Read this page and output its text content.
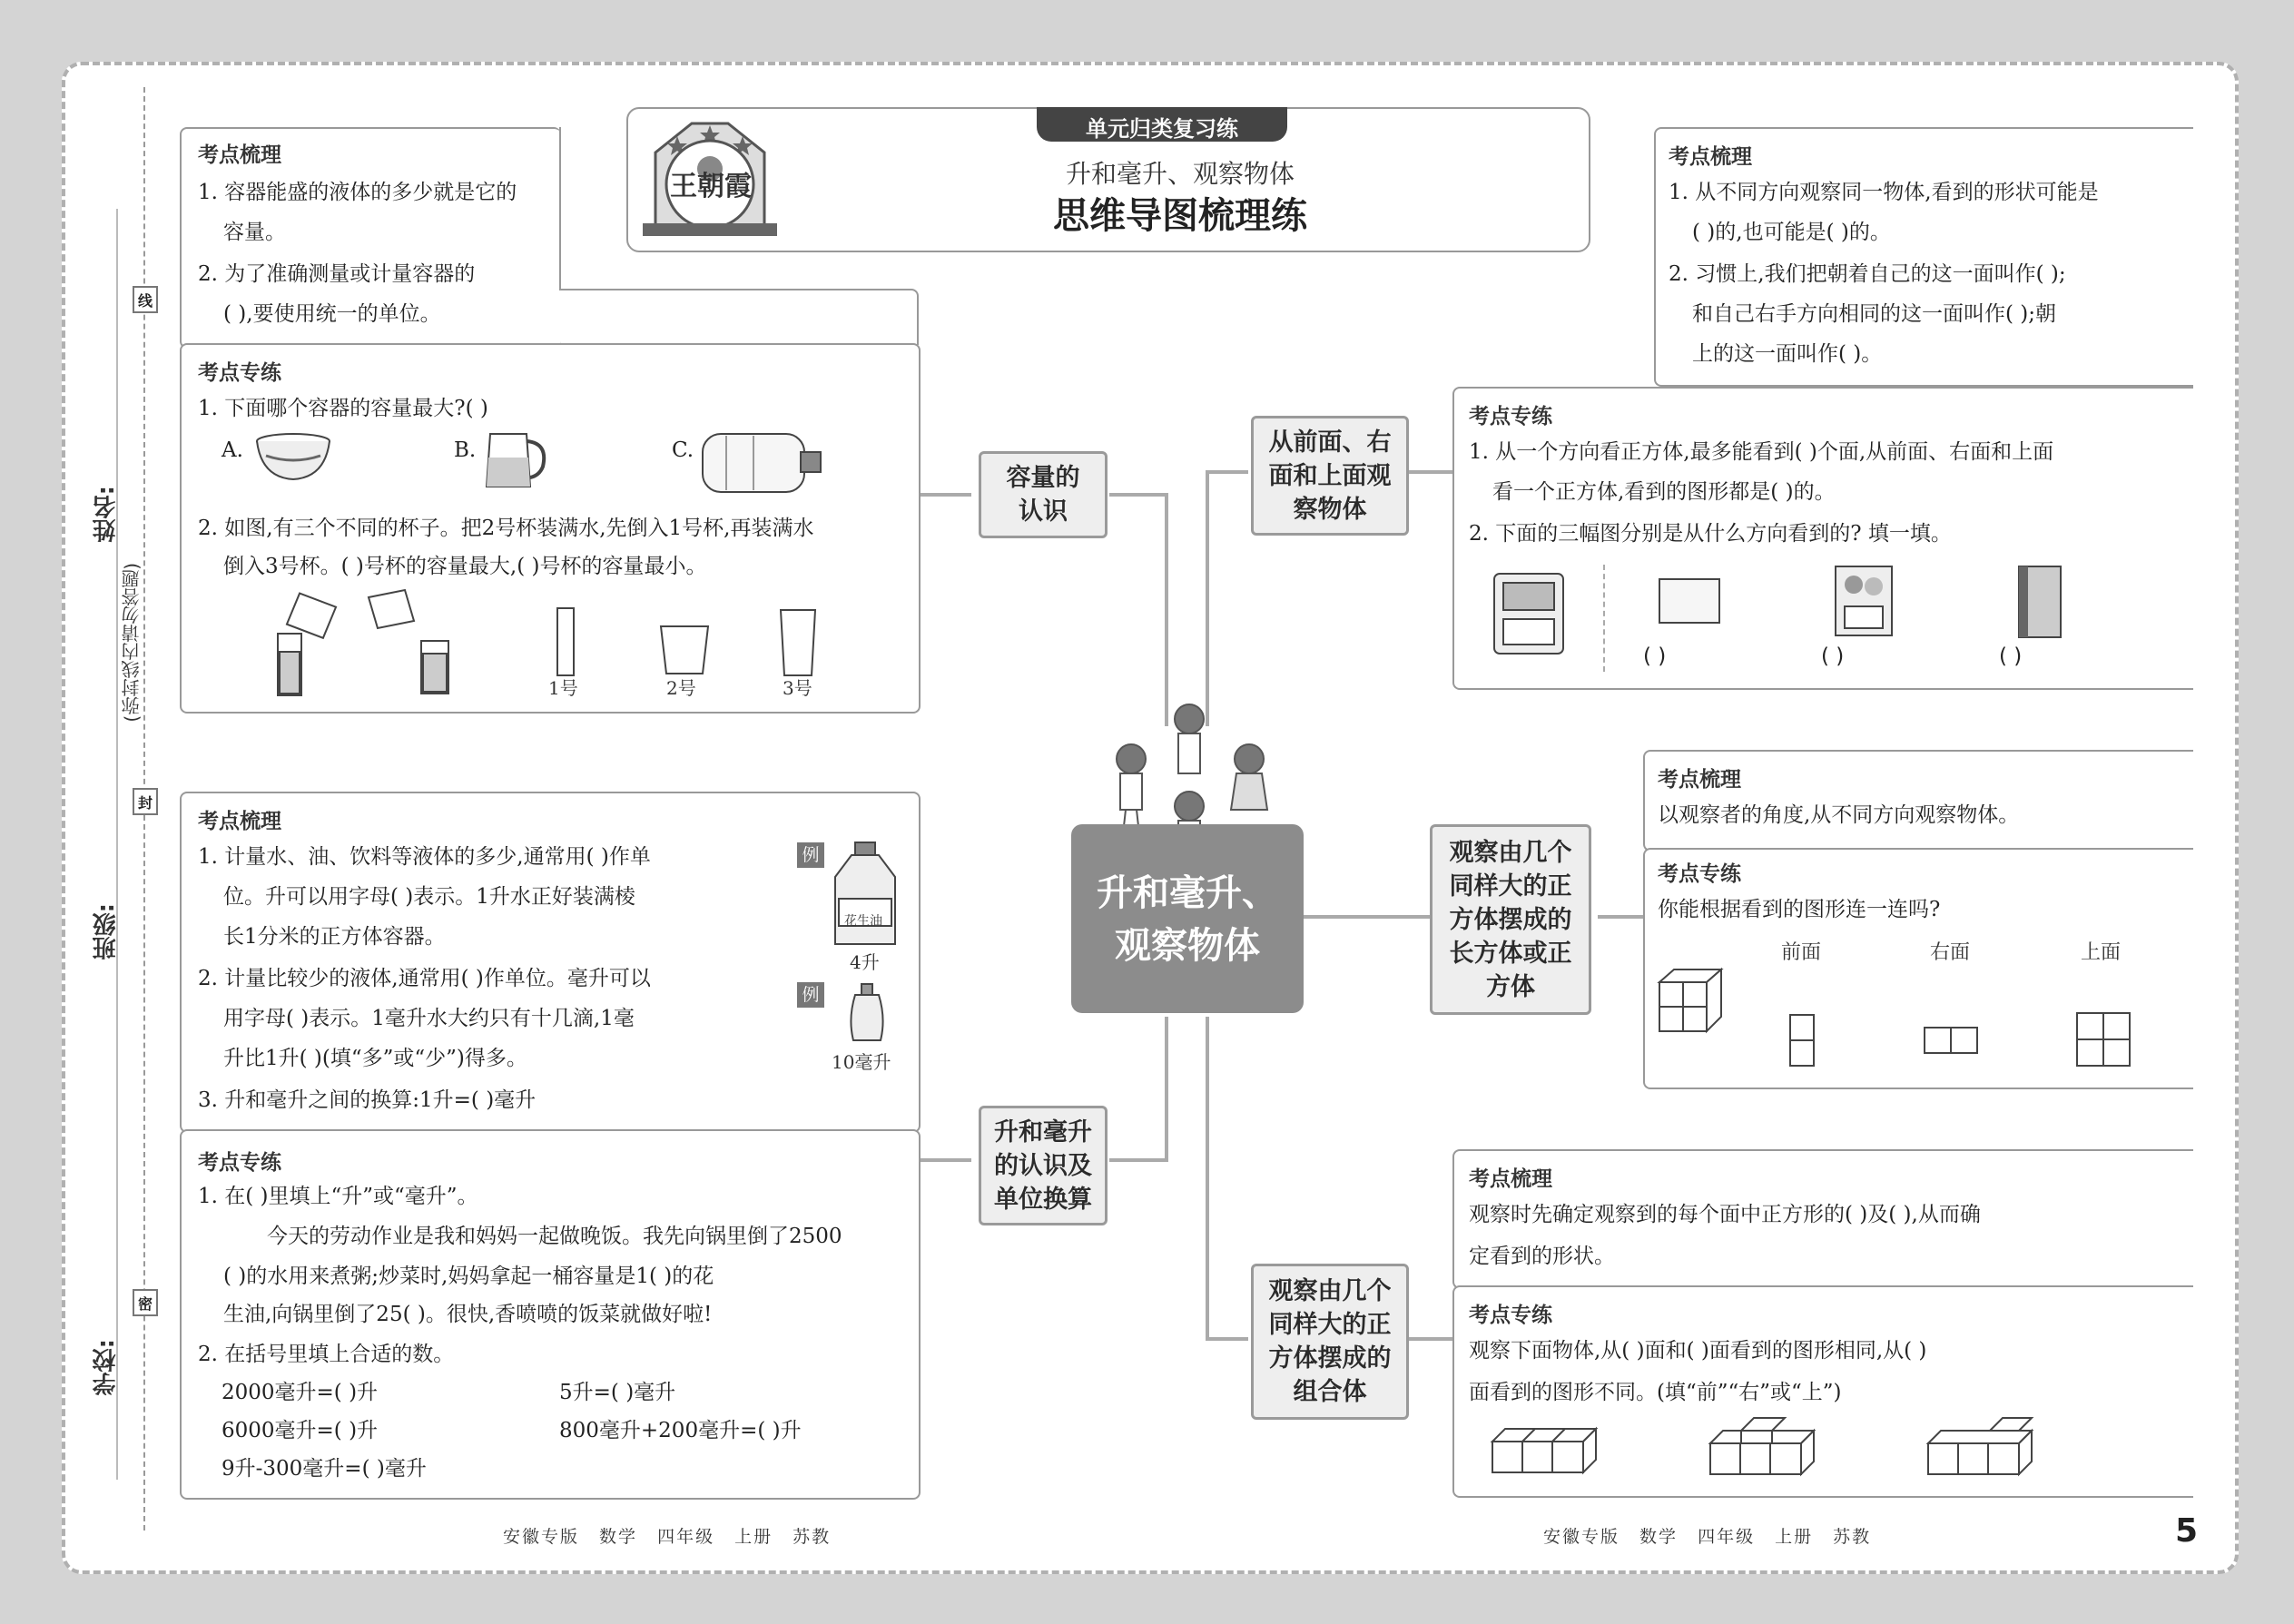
线
封
密
姓名:
班级:
学校:
(弥封线内请勿答题)
单元归类复习练
升和毫升、观察物体
思维导图梳理练
王朝霞
容量的认识
升和毫升的认识及单位换算
从前面、右面和上面观察物体
观察由几个同样大的正方体摆成的长方体或正方体
观察由几个同样大的正方体摆成的组合体
升和毫升、观察物体
考点梳理
1. 容器能盛的液体的多少就是它的
容量。
2. 为了准确测量或计量容器的
( ),要使用统一的单位。
考点专练
1. 下面哪个容器的容量最大?( )
A.	B.	C.
2. 如图,有三个不同的杯子。把2号杯装满水,先倒入1号杯,再装满水
倒入3号杯。( )号杯的容量最大,( )号杯的容量最小。
1号	2号	3号
考点梳理
1. 计量水、油、饮料等液体的多少,通常用( )作单
位。升可以用字母( )表示。1升水正好装满棱
长1分米的正方体容器。
2. 计量比较少的液体,通常用( )作单位。毫升可以
用字母( )表示。1毫升水大约只有十几滴,1毫
升比1升( )(填“多”或“少”)得多。
3. 升和毫升之间的换算:1升=( )毫升
例
花生油
4升
例
10毫升
考点专练
1. 在( )里填上“升”或“毫升”。
今天的劳动作业是我和妈妈一起做晚饭。我先向锅里倒了2500
( )的水用来煮粥;炒菜时,妈妈拿起一桶容量是1( )的花
生油,向锅里倒了25( )。很快,香喷喷的饭菜就做好啦!
2. 在括号里填上合适的数。
2000毫升=( )升	5升=( )毫升
6000毫升=( )升	800毫升+200毫升=( )升
9升-300毫升=( )毫升
考点梳理
1. 从不同方向观察同一物体,看到的形状可能是
( )的,也可能是( )的。
2. 习惯上,我们把朝着自己的这一面叫作( );
和自己右手方向相同的这一面叫作( );朝
上的这一面叫作( )。
考点专练
1. 从一个方向看正方体,最多能看到( )个面,从前面、右面和上面
看一个正方体,看到的图形都是( )的。
2. 下面的三幅图分别是从什么方向看到的? 填一填。
( )	( )	( )
考点梳理
以观察者的角度,从不同方向观察物体。
考点专练
你能根据看到的图形连一连吗?
前面	右面	上面
考点梳理
观察时先确定观察到的每个面中正方形的( )及( ),从而确
定看到的形状。
考点专练
观察下面物体,从( )面和( )面看到的图形相同,从( )
面看到的图形不同。(填“前”“右”或“上”)
安徽专版 数学 四年级 上册 苏教	安徽专版 数学 四年级 上册 苏教	5
